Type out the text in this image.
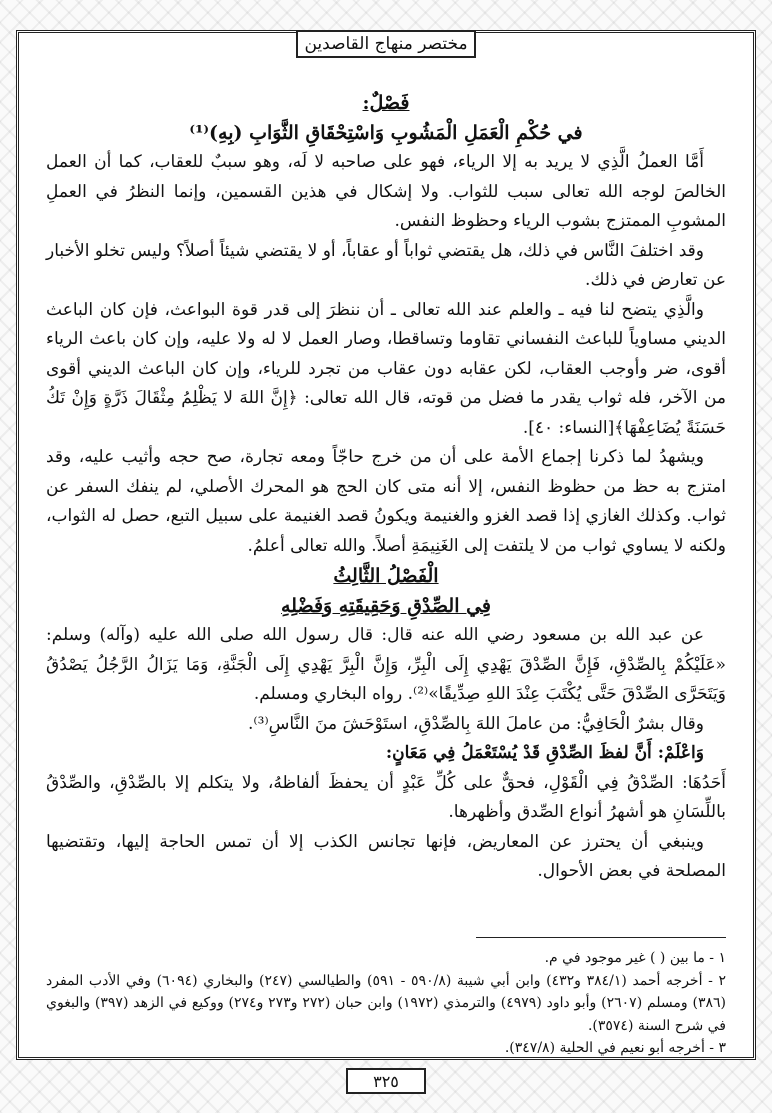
مختصر منهاج القاصدين

فَصْلٌ:

في حُكْمِ الْعَمَلِ الْمَشُوبِ وَاسْتِحْقَاقِ الثَّوَابِ (بِهِ)⁽¹⁾

أَمَّا العملُ الَّذِي لا يريد به إلا الرياء، فهو على صاحبه لا لَه، وهو سببٌ للعقاب، كما أن العمل الخالصَ لوجه الله تعالى سبب للثواب. ولا إشكال في هذين القسمين، وإنما النظرُ في العملِ المشوبِ الممتزج بشوب الرياء وحظوظ النفس.

وقد اختلفَ النَّاس في ذلك، هل يقتضي ثواباً أو عقاباً، أو لا يقتضي شيئاً أصلاً؟ وليس تخلو الأخبار عن تعارض في ذلك.

والَّذِي يتضح لنا فيه ـ والعلم عند الله تعالى ـ أن ننظرَ إلى قدر قوة البواعث، فإن كان الباعث الديني مساوياً للباعث النفساني تقاوما وتساقطا، وصار العمل لا له ولا عليه، وإن كان باعث الرياء أقوى، ضر وأوجب العقاب، لكن عقابه دون عقاب من تجرد للرياء، وإن كان الباعث الديني أقوى من الآخر، فله ثواب يقدر ما فضل من قوته، قال الله تعالى: ﴿إِنَّ اللهَ لا يَظْلِمُ مِثْقَالَ ذَرَّةٍ وَإِنْ تَكُ حَسَنَةً يُضَاعِفْهَا﴾[النساء: ٤٠].

ويشهدُ لما ذكرنا إجماع الأمة على أن من خرج حاجّاً ومعه تجارة، صح حجه وأثيب عليه، وقد امتزج به حظ من حظوظ النفس، إلا أنه متى كان الحج هو المحرك الأصلي، لم ينفك السفر عن ثواب. وكذلك الغازي إذا قصد الغزو والغنيمة ويكونُ قصد الغنيمة على سبيل التبع، حصل له الثواب، ولكنه لا يساوي ثواب من لا يلتفت إلى الغَنِيمَةِ أصلاً. والله تعالى أعلمُ.

الْفَصْلُ الثَّالِثُ

فِي الصِّدْقِ وَحَقِيقَتِهِ وَفَضْلِهِ

عن عبد الله بن مسعود رضي الله عنه قال: قال رسول الله صلى الله عليه (وآله) وسلم: «عَلَيْكُمْ بِالصِّدْقِ، فَإِنَّ الصِّدْقَ يَهْدِي إِلَى الْبِرِّ، وَإِنَّ الْبِرَّ يَهْدِي إِلَى الْجَنَّةِ، وَمَا يَزَالُ الرَّجُلُ يَصْدُقُ وَيَتَحَرَّى الصِّدْقَ حَتَّى يُكْتَبَ عِنْدَ اللهِ صِدِّيقًا»⁽²⁾. رواه البخاري ومسلم.

وقال بشرٌ الْحَافِيُّ: من عاملَ اللهَ بِالصِّدْقِ، استَوْحَشَ منَ النَّاسِ⁽³⁾.

وَاعْلَمْ: أَنَّ لفظَ الصِّدْقِ قَدْ يُسْتَعْمَلُ فِي مَعَانٍ:

أَحَدُهَا: الصِّدْقُ فِي الْقَوْلِ، فحقٌّ على كُلِّ عَبْدٍ أن يحفظَ ألفاظهُ، ولا يتكلم إلا بالصِّدْقِ، والصِّدْقُ باللِّسَانِ هو أشهرُ أنواع الصِّدق وأظهرها.

وينبغي أن يحترز عن المعاريض، فإنها تجانس الكذب إلا أن تمس الحاجة إليها، وتقتضيها المصلحة في بعض الأحوال.

١ - ما بين ( ) غير موجود في م.

٢ - أخرجه أحمد (٣٨٤/١ و٤٣٢) وابن أبي شيبة (٥٩٠/٨ - ٥٩١) والطيالسي (٢٤٧) والبخاري (٦٠٩٤) وفي الأدب المفرد (٣٨٦) ومسلم (٢٦٠٧) وأبو داود (٤٩٧٩) والترمذي (١٩٧٢) وابن حبان (٢٧٢ و٢٧٣ و٢٧٤) ووكيع في الزهد (٣٩٧) والبغوي في شرح السنة (٣٥٧٤).

٣ - أخرجه أبو نعيم في الحلية (٣٤٧/٨).

٣٢٥
